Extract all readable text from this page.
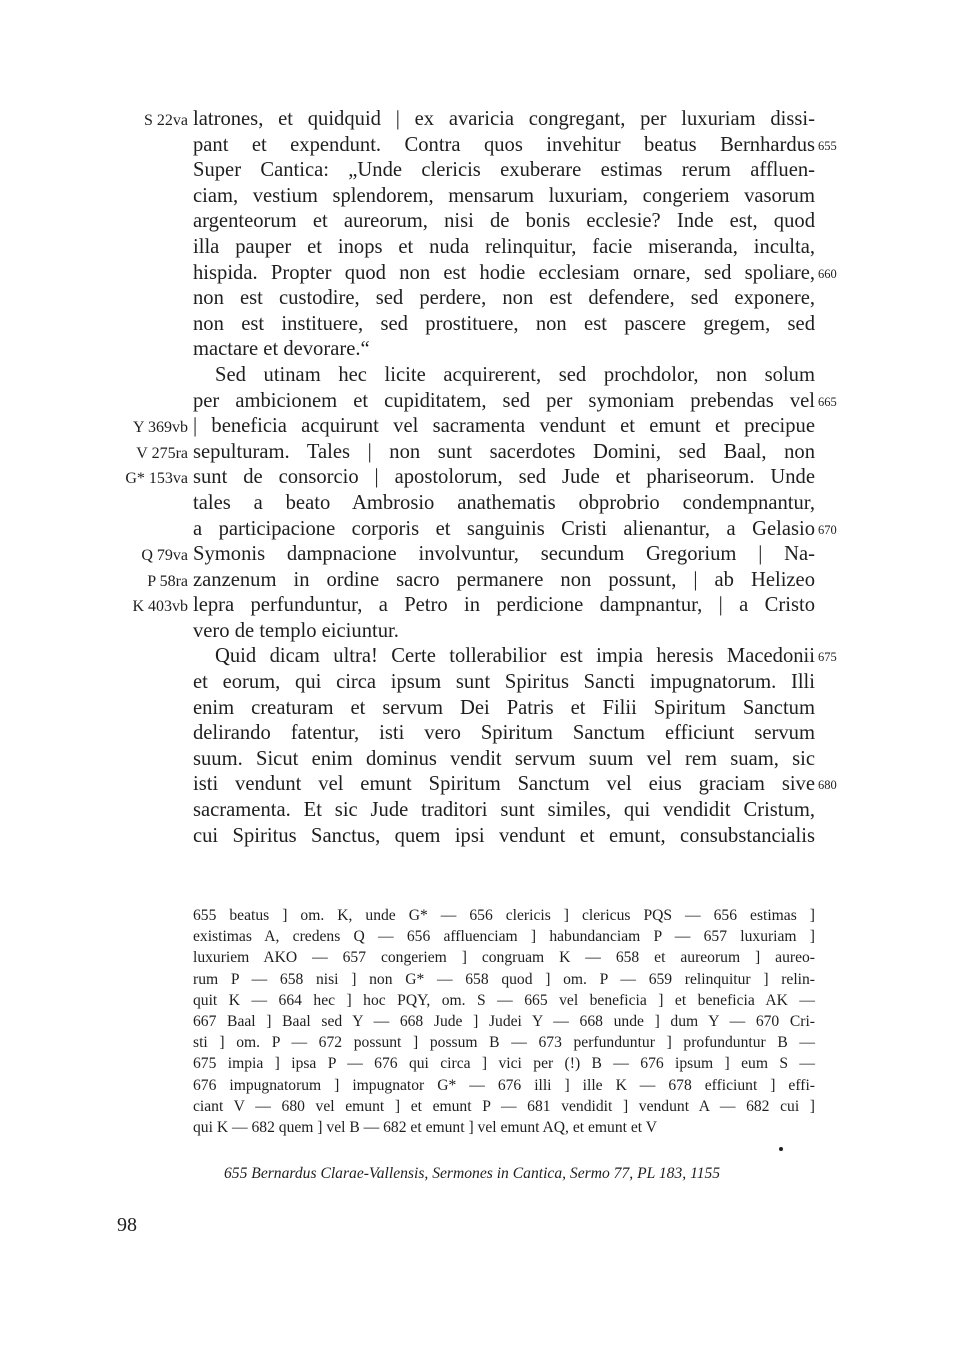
S 22va latrones, et quidquid | ex avaricia congregant, per luxuriam dissi-
pant et expendunt. Contra quos invehitur beatus Bernhardus 655
Super Cantica: „Unde clericis exuberare estimas rerum affluen-
ciam, vestium splendorem, mensarum luxuriam, congeriem vasorum
argenteorum et aureorum, nisi de bonis ecclesie? Inde est, quod
illa pauper et inops et nuda relinquitur, facie miseranda, inculta,
hispida. Propter quod non est hodie ecclesiam ornare, sed spoliare, 660
non est custodire, sed perdere, non est defendere, sed exponere,
non est instituere, sed prostituere, non est pascere gregem, sed
mactare et devorare.“
Sed utinam hec licite acquirerent, sed prochdolor, non solum
per ambicionem et cupiditatem, sed per symoniam prebendas vel 665
Y 369vb | beneficia acquirunt vel sacramenta vendunt et emunt et precipue
V 275ra sepulturam. Tales | non sunt sacerdotes Domini, sed Baal, non
G* 153va sunt de consorcio | apostolorum, sed Jude et phariseorum. Unde
tales a beato Ambrosio anathematis obprobrio condempnantur,
a participacione corporis et sanguinis Cristi alienantur, a Gelasio 670
Q 79va Symonis dampnacione involvuntur, secundum Gregorium | Na-
P 58ra zanzenum in ordine sacro permanere non possunt, | ab Helizeo
K 403vb lepra perfunduntur, a Petro in perdicione dampnantur, | a Cristo
vero de templo eiciuntur.
Quid dicam ultra! Certe tollerabilior est impia heresis Macedonii 675
et eorum, qui circa ipsum sunt Spiritus Sancti impugnatorum. Illi
enim creaturam et servum Dei Patris et Filii Spiritum Sanctum
delirando fatentur, isti vero Spiritum Sanctum efficiunt servum
suum. Sicut enim dominus vendit servum suum vel rem suam, sic
isti vendunt vel emunt Spiritum Sanctum vel eius graciam sive 680
sacramenta. Et sic Jude traditori sunt similes, qui vendidit Cristum,
cui Spiritus Sanctus, quem ipsi vendunt et emunt, consubstancialis
655 beatus ] om. K, unde G* — 656 clericis ] clericus PQS — 656 estimas ]
existimas A, credens Q — 656 affluenciam ] habundanciam P — 657 luxuriam ]
luxuriem AKO — 657 congeriem ] congruam K — 658 et aureorum ] aureo-
rum P — 658 nisi ] non G* — 658 quod ] om. P — 659 relinquitur ] relin-
quit K — 664 hec ] hoc PQY, om. S — 665 vel beneficia ] et beneficia AK —
667 Baal ] Baal sed Y — 668 Jude ] Judei Y — 668 unde ] dum Y — 670 Cri-
sti ] om. P — 672 possunt ] possum B — 673 perfunduntur ] profunduntur B —
675 impia ] ipsa P — 676 qui circa ] vici per (!) B — 676 ipsum ] eum S —
676 impugnatorum ] impugnator G* — 676 illi ] ille K — 678 efficiunt ] effi-
ciant V — 680 vel emunt ] et emunt P — 681 vendidit ] vendunt A — 682 cui ]
qui K — 682 quem ] vel B — 682 et emunt ] vel emunt AQ, et emunt et V
655 Bernardus Clarae-Vallensis, Sermones in Cantica, Sermo 77, PL 183, 1155
98
